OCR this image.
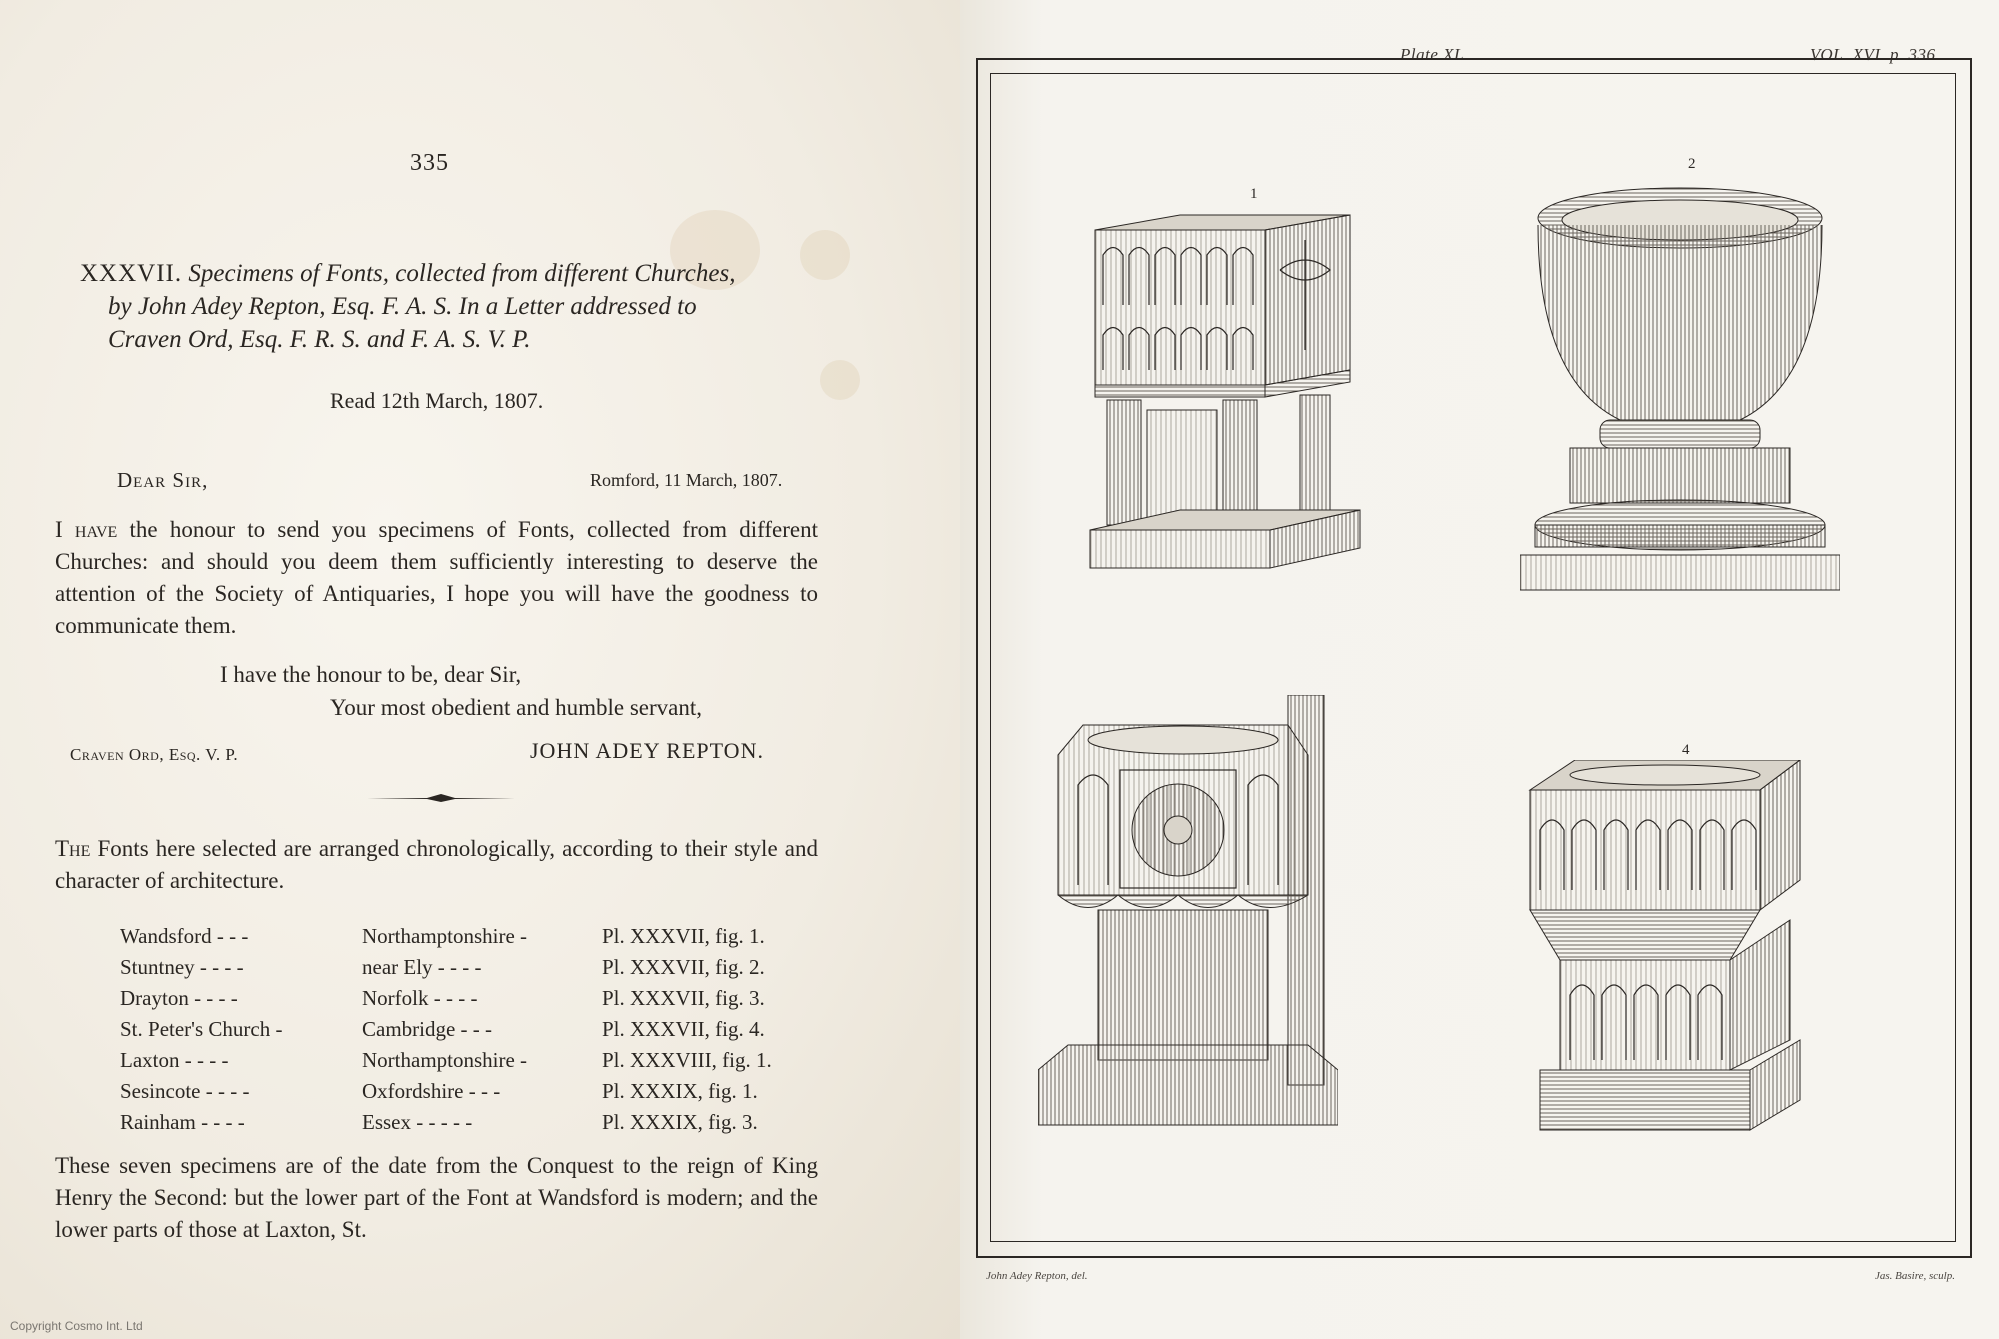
335
XXXVII. Specimens of Fonts, collected from different Churches,
by John Adey Repton, Esq. F. A. S. In a Letter addressed to
Craven Ord, Esq. F. R. S. and F. A. S. V. P.
Read 12th March, 1807.
Dear Sir,	Romford, 11 March, 1807.
I have the honour to send you specimens of Fonts, collected from different Churches: and should you deem them sufficiently interesting to deserve the attention of the Society of Antiquaries, I hope you will have the goodness to communicate them.
I have the honour to be, dear Sir,
Your most obedient and humble servant,
Craven Ord, Esq. V. P.	JOHN ADEY REPTON.
The Fonts here selected are arranged chronologically, according to their style and character of architecture.
Wandsford - - -	Northamptonshire -	Pl. XXXVII, fig. 1.
Stuntney - - - -	near Ely - - - -	Pl. XXXVII, fig. 2.
Drayton - - - -	Norfolk - - - -	Pl. XXXVII, fig. 3.
St. Peter's Church -	Cambridge - - -	Pl. XXXVII, fig. 4.
Laxton - - - -	Northamptonshire -	Pl. XXXVIII, fig. 1.
Sesincote - - - -	Oxfordshire - - -	Pl. XXXIX, fig. 1.
Rainham - - - -	Essex - - - - -	Pl. XXXIX, fig. 3.
These seven specimens are of the date from the Conquest to the reign of King Henry the Second: but the lower part of the Font at Wandsford is modern; and the lower parts of those at Laxton, St.
Copyright Cosmo Int. Ltd
Plate XL.	VOL. XVI. p. 336.
1
2
4
John Adey Repton, del.	Jas. Basire, sculp.
